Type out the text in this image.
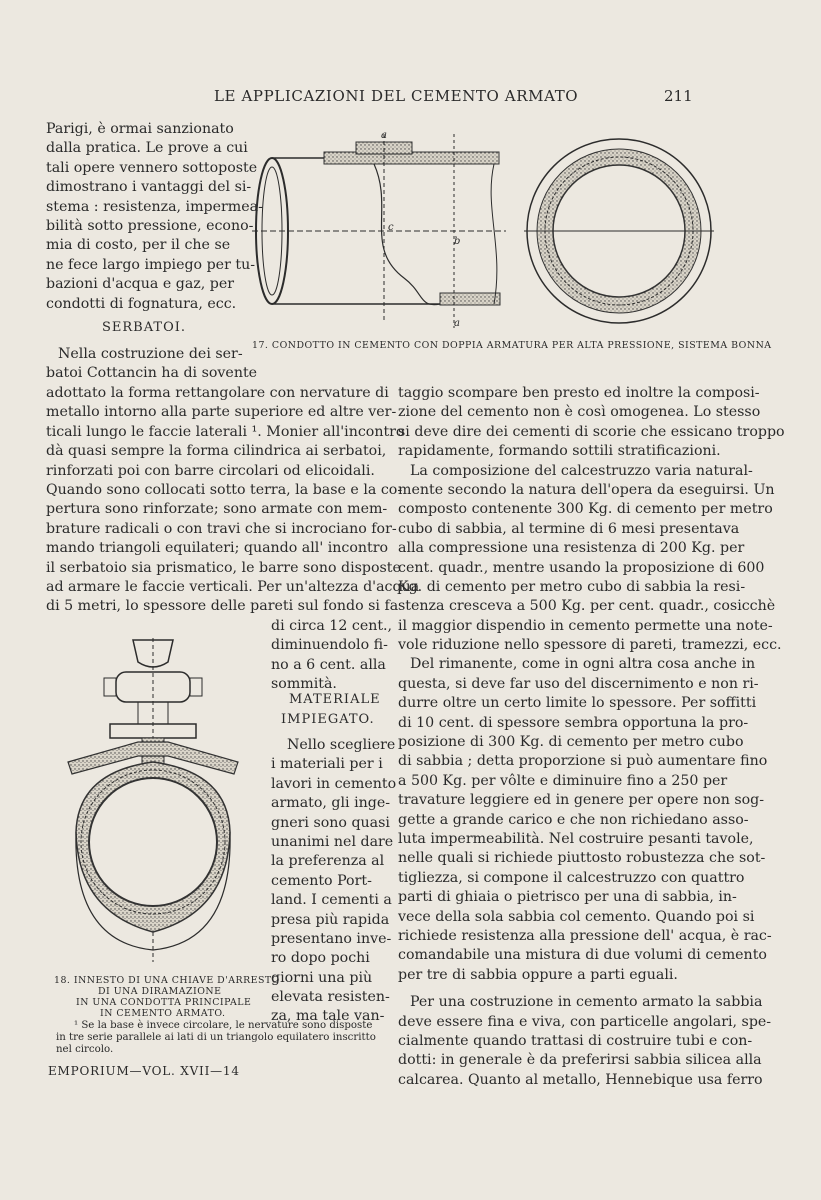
LE APPLICAZIONI DEL CEMENTO ARMATO	211
Parigi, è ormai sanzionato
dalla pratica. Le prove a cui
tali opere vennero sottoposte
dimostrano i vantaggi del si-
stema : resistenza, impermea-
bilità sotto pressione, econo-
mia di costo, per il che se
ne fece largo impiego per tu-
bazioni d'acqua e gaz, per
condotti di fognatura, ecc.
SERBATOI.
Nella costruzione dei ser-
batoi Cottancin ha di sovente
adottato la forma rettangolare con nervature di
metallo intorno alla parte superiore ed altre ver-
ticali lungo le faccie laterali ¹. Monier all'incontro
dà quasi sempre la forma cilindrica ai serbatoi,
rinforzati poi con barre circolari od elicoidali.
Quando sono collocati sotto terra, la base e la co-
pertura sono rinforzate; sono armate con mem-
brature radicali o con travi che si incrociano for-
mando triangoli equilateri; quando all' incontro
il serbatoio sia prismatico, le barre sono disposte
ad armare le faccie verticali. Per un'altezza d'acqua
di 5 metri, lo spessore delle pareti sul fondo si fa
di circa 12 cent.,
diminuendolo fi-
no a 6 cent. alla
sommità.
MATERIALE
IMPIEGATO.
Nello scegliere
i materiali per i
lavori in cemento
armato, gli inge-
gneri sono quasi
unanimi nel dare
la preferenza al
cemento Port-
land. I cementi a
presa più rapida
presentano inve-
ro dopo pochi
giorni una più
elevata resisten-
za, ma tale van-
taggio scompare ben presto ed inoltre la composi-
zione del cemento non è così omogenea. Lo stesso
si deve dire dei cementi di scorie che essicano troppo
rapidamente, formando sottili stratificazioni.
La composizione del calcestruzzo varia natural-
mente secondo la natura dell'opera da eseguirsi. Un
composto contenente 300 Kg. di cemento per metro
cubo di sabbia, al termine di 6 mesi presentava
alla compressione una resistenza di 200 Kg. per
cent. quadr., mentre usando la proposizione di 600
Kg. di cemento per metro cubo di sabbia la resi-
stenza cresceva a 500 Kg. per cent. quadr., cosicchè
il maggior dispendio in cemento permette una note-
vole riduzione nello spessore di pareti, tramezzi, ecc.
Del rimanente, come in ogni altra cosa anche in
questa, si deve far uso del discernimento e non ri-
durre oltre un certo limite lo spessore. Per soffitti
di 10 cent. di spessore sembra opportuna la pro-
posizione di 300 Kg. di cemento per metro cubo
di sabbia ; detta proporzione si può aumentare fino
a 500 Kg. per vôlte e diminuire fino a 250 per
travature leggiere ed in genere per opere non sog-
gette a grande carico e che non richiedano asso-
luta impermeabilità. Nel costruire pesanti tavole,
nelle quali si richiede piuttosto robustezza che sot-
tigliezza, si compone il calcestruzzo con quattro
parti di ghiaia o pietrisco per una di sabbia, in-
vece della sola sabbia col cemento. Quando poi si
richiede resistenza alla pressione dell' acqua, è rac-
comandabile una mistura di due volumi di cemento
per tre di sabbia oppure a parti eguali.
Per una costruzione in cemento armato la sabbia
deve essere fina e viva, con particelle angolari, spe-
cialmente quando trattasi di costruire tubi e con-
dotti: in generale è da preferirsi sabbia silicea alla
calcarea. Quanto al metallo, Hennebique usa ferro
a
b
c
a
17. CONDOTTO IN CEMENTO CON DOPPIA ARMATURA PER ALTA PRESSIONE, SISTEMA BONNA
18. INNESTO DI UNA CHIAVE D'ARRESTO
DI UNA DIRAMAZIONE
IN UNA CONDOTTA PRINCIPALE
IN CEMENTO ARMATO.
¹ Se la base è invece circolare, le nervature sono disposte
in tre serie parallele ai lati di un triangolo equilatero inscritto
nel circolo.
EMPORIUM—VOL. XVII—14
